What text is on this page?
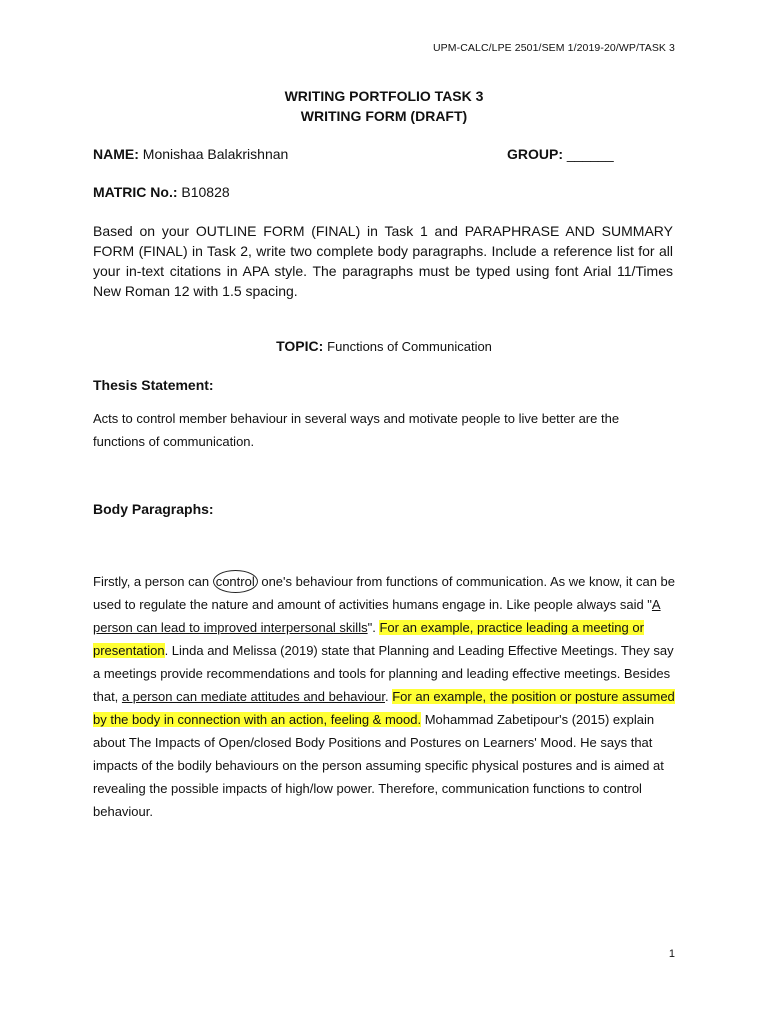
UPM-CALC/LPE 2501/SEM 1/2019-20/WP/TASK 3
WRITING PORTFOLIO TASK 3
WRITING FORM (DRAFT)
NAME: Monishaa Balakrishnan	GROUP: ______
MATRIC No.: B10828
Based on your OUTLINE FORM (FINAL) in Task 1 and PARAPHRASE AND SUMMARY FORM (FINAL) in Task 2, write two complete body paragraphs. Include a reference list for all your in-text citations in APA style. The paragraphs must be typed using font Arial 11/Times New Roman 12 with 1.5 spacing.
TOPIC: Functions of Communication
Thesis Statement:
Acts to control member behaviour in several ways and motivate people to live better are the functions of communication.
Body Paragraphs:
Firstly, a person can control one's behaviour from functions of communication. As we know, it can be used to regulate the nature and amount of activities humans engage in. Like people always said "A person can lead to improved interpersonal skills". For an example, practice leading a meeting or presentation. Linda and Melissa (2019) state that Planning and Leading Effective Meetings. They say a meetings provide recommendations and tools for planning and leading effective meetings. Besides that, a person can mediate attitudes and behaviour. For an example, the position or posture assumed by the body in connection with an action, feeling & mood. Mohammad Zabetipour's (2015) explain about The Impacts of Open/closed Body Positions and Postures on Learners' Mood. He says that impacts of the bodily behaviours on the person assuming specific physical postures and is aimed at revealing the possible impacts of high/low power. Therefore, communication functions to control behaviour.
1
